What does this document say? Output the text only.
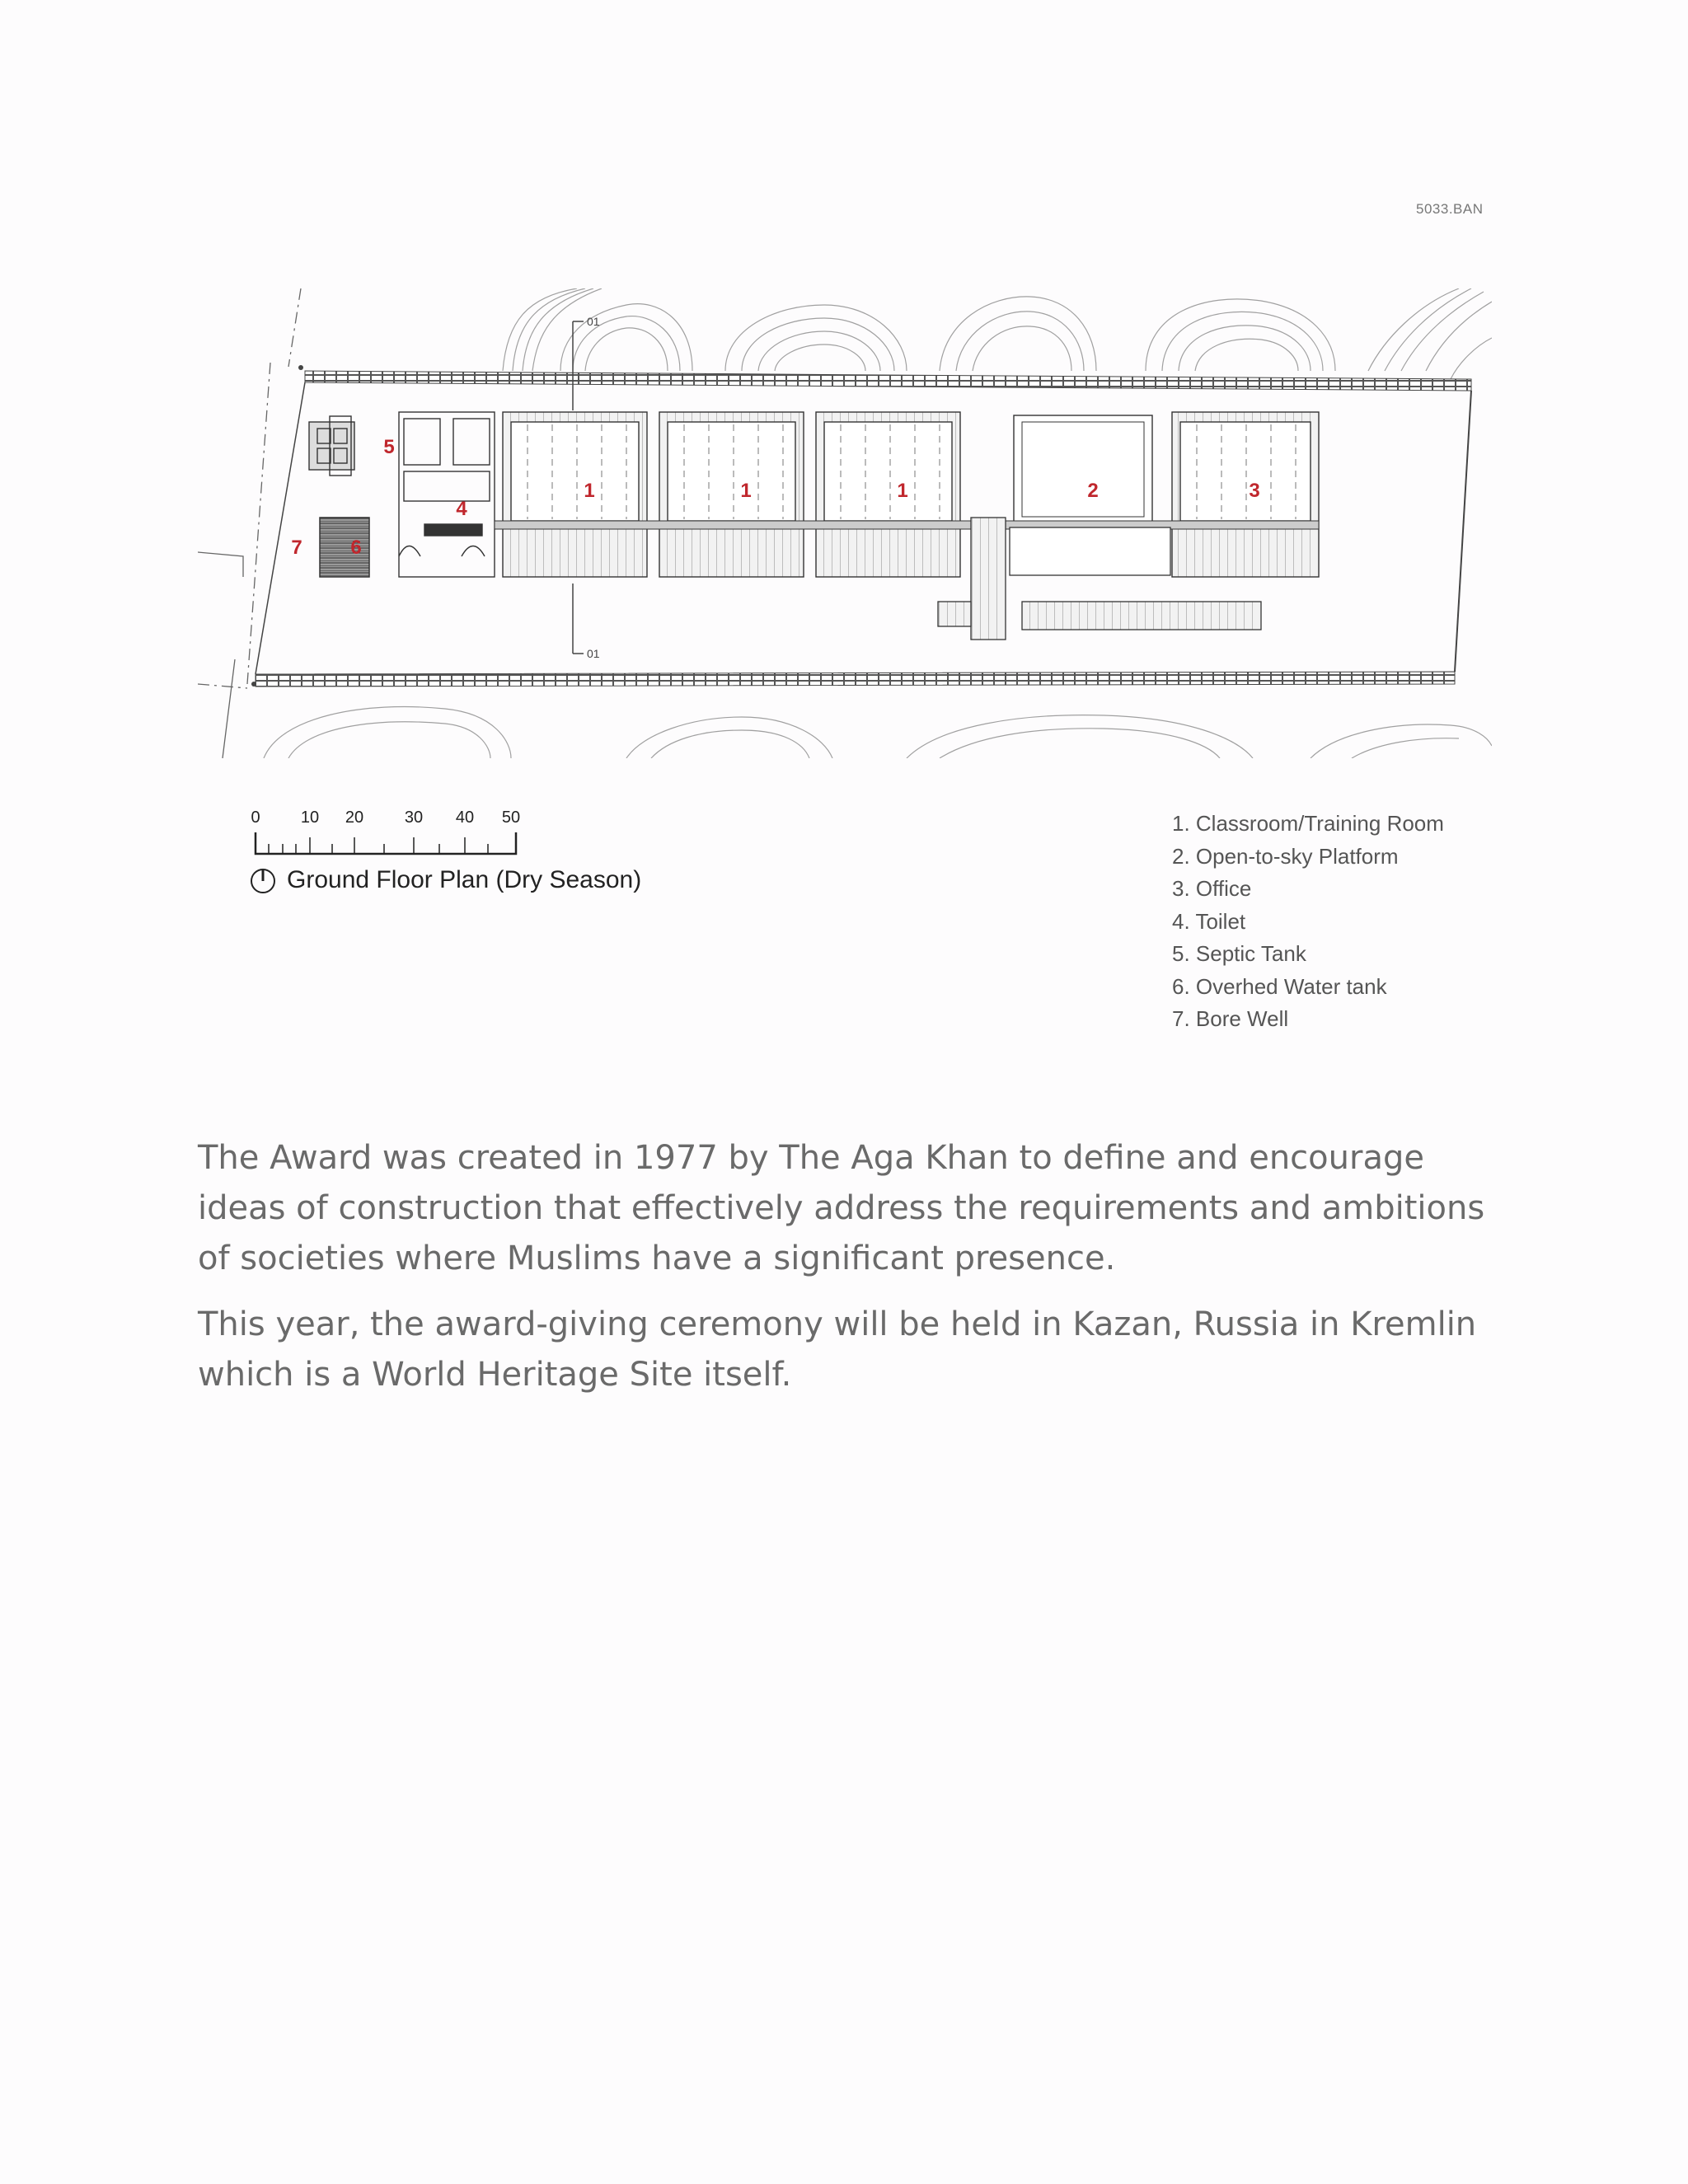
5033.BAN
01
01
1	1	1	2	3
4
5
6
7
0 10 20 30 40 50
Ground Floor Plan (Dry Season)
1. Classroom/Training Room
2. Open-to-sky Platform
3. Office
4. Toilet
5. Septic Tank
6. Overhed Water tank
7. Bore Well

The Award was created in 1977 by The Aga Khan to define and encourage ideas of construction that effectively address the requirements and ambitions of societies where Muslims have a significant presence.

This year, the award-giving ceremony will be held in Kazan, Russia in Kremlin which is a World Heritage Site itself.
